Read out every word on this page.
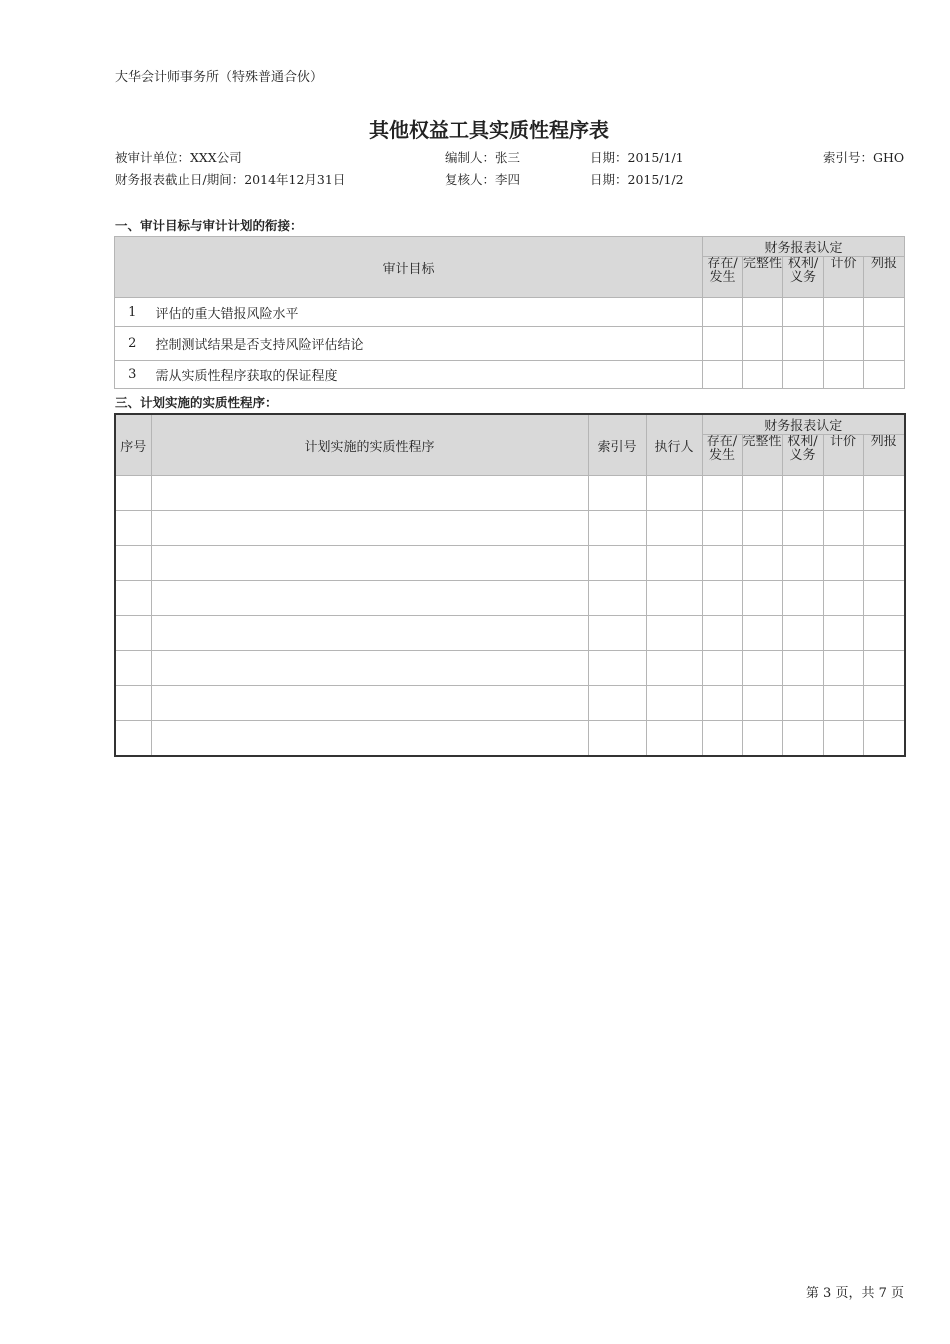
大华会计师事务所（特殊普通合伙）
其他权益工具实质性程序表
被审计单位：XXX公司	编制人：张三	日期：2015/1/1	索引号：GHO
财务报表截止日/期间：2014年12月31日	复核人：李四	日期：2015/1/2
一、审计目标与审计计划的衔接：
审计目标		财务报表认定				

		存在/发生	完整性	权利/义务	计价	列报

1	评估的重大错报风险水平					
2	控制测试结果是否支持风险评估结论					
3	需从实质性程序获取的保证程度					
三、计划实施的实质性程序：
序号	计划实施的实质性程序	索引号	执行人	财务报表认定				

				存在/发生	完整性	权利/义务	计价	列报

第 3 页，共 7 页
